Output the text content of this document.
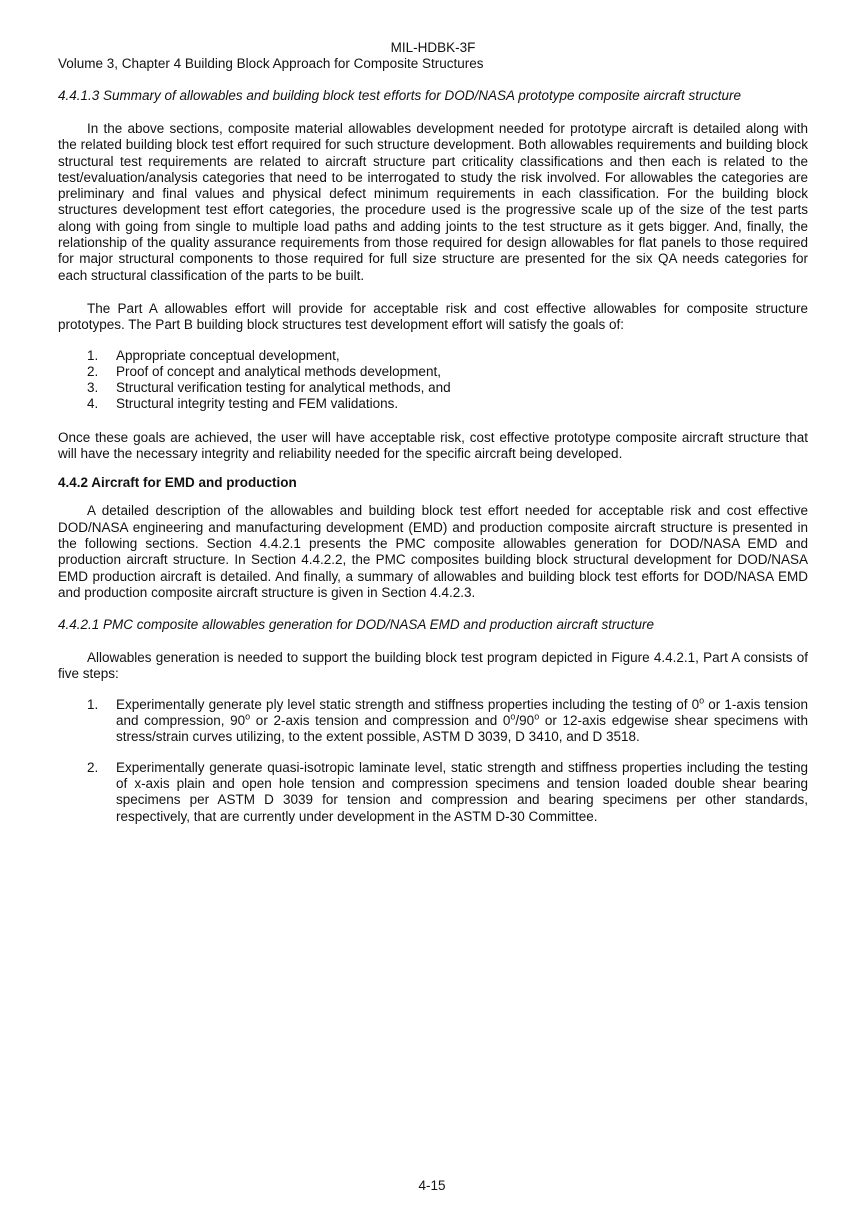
MIL-HDBK-3F
Volume 3, Chapter 4 Building Block Approach for Composite Structures
4.4.1.3 Summary of allowables and building block test efforts for DOD/NASA prototype composite aircraft structure

In the above sections, composite material allowables development needed for prototype aircraft is detailed along with the related building block test effort required for such structure development. Both allowables requirements and building block structural test requirements are related to aircraft structure part criticality classifications and then each is related to the test/evaluation/analysis categories that need to be interrogated to study the risk involved. For allowables the categories are preliminary and final values and physical defect minimum requirements in each classification. For the building block structures development test effort categories, the procedure used is the progressive scale up of the size of the test parts along with going from single to multiple load paths and adding joints to the test structure as it gets bigger. And, finally, the relationship of the quality assurance requirements from those required for design allowables for flat panels to those required for major structural components to those required for full size structure are presented for the six QA needs categories for each structural classification of the parts to be built.

The Part A allowables effort will provide for acceptable risk and cost effective allowables for composite structure prototypes. The Part B building block structures test development effort will satisfy the goals of:

1.	Appropriate conceptual development,
2.	Proof of concept and analytical methods development,
3.	Structural verification testing for analytical methods, and
4.	Structural integrity testing and FEM validations.

Once these goals are achieved, the user will have acceptable risk, cost effective prototype composite aircraft structure that will have the necessary integrity and reliability needed for the specific aircraft being developed.

4.4.2 Aircraft for EMD and production

A detailed description of the allowables and building block test effort needed for acceptable risk and cost effective DOD/NASA engineering and manufacturing development (EMD) and production composite aircraft structure is presented in the following sections. Section 4.4.2.1 presents the PMC composite allowables generation for DOD/NASA EMD and production aircraft structure. In Section 4.4.2.2, the PMC composites building block structural development for DOD/NASA EMD production aircraft is detailed. And finally, a summary of allowables and building block test efforts for DOD/NASA EMD and production composite aircraft structure is given in Section 4.4.2.3.

4.4.2.1 PMC composite allowables generation for DOD/NASA EMD and production aircraft structure

Allowables generation is needed to support the building block test program depicted in Figure 4.4.2.1, Part A consists of five steps:

1.	Experimentally generate ply level static strength and stiffness properties including the testing of 0$^o$ or 1-axis tension and compression, 90$^o$ or 2-axis tension and compression and 0$^o$/90$^o$ or 12-axis edgewise shear specimens with stress/strain curves utilizing, to the extent possible, ASTM D 3039, D 3410, and D 3518.
2.	Experimentally generate quasi-isotropic laminate level, static strength and stiffness properties including the testing of x-axis plain and open hole tension and compression specimens and tension loaded double shear bearing specimens per ASTM D 3039 for tension and compression and bearing specimens per other standards, respectively, that are currently under development in the ASTM D-30 Committee.
4-15
